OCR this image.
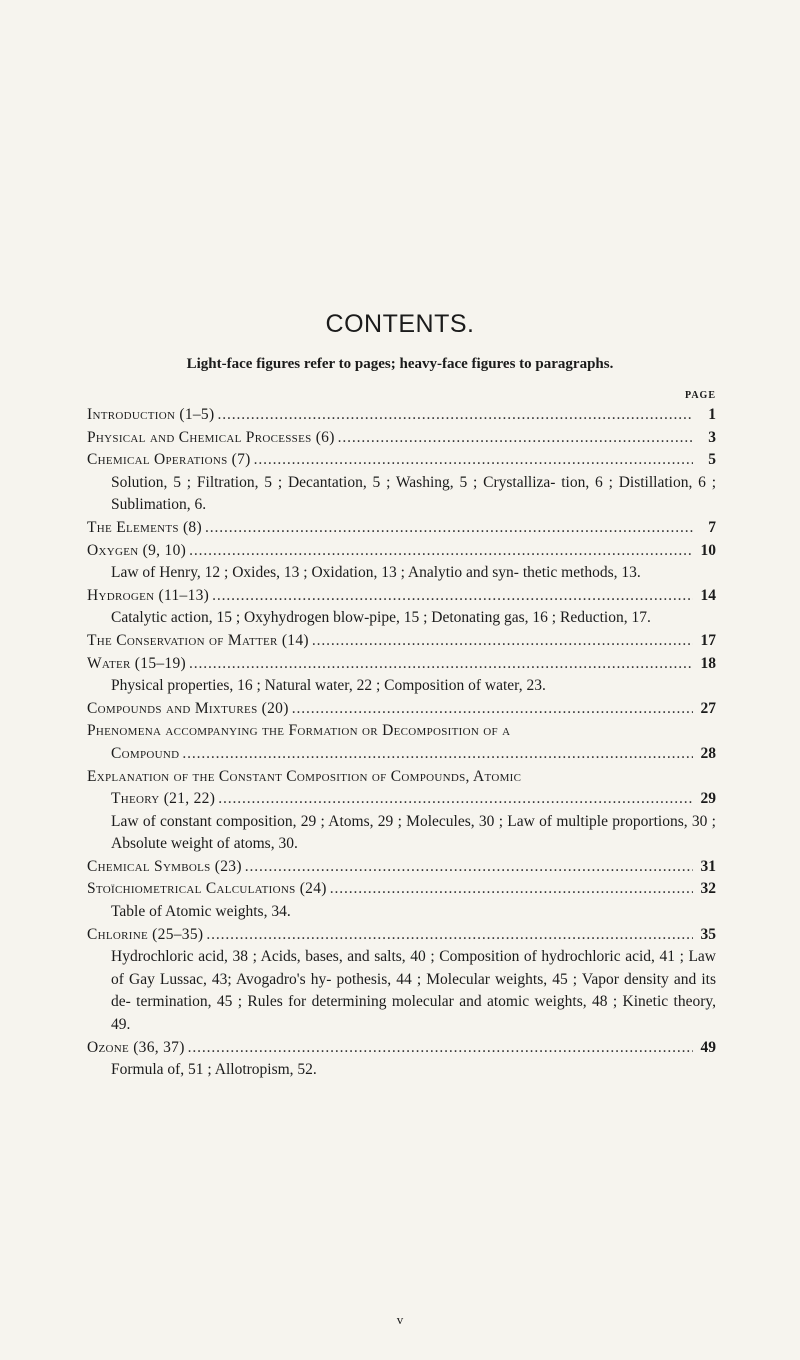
CONTENTS.
Light-face figures refer to pages; heavy-face figures to paragraphs.
PAGE
Introduction (1–5) . . .	1
Physical and Chemical Processes (6) . . .	3
Chemical Operations (7) . . .	5
Solution, 5 ; Filtration, 5 ; Decantation, 5 ; Washing, 5 ; Crystalliza- tion, 6 ; Distillation, 6 ; Sublimation, 6.
The Elements (8) . . .	7
Oxygen (9, 10) . . .	10
Law of Henry, 12 ; Oxides, 13 ; Oxidation, 13 ; Analytio and syn- thetic methods, 13.
Hydrogen (11–13) . . .	14
Catalytic action, 15 ; Oxyhydrogen blow-pipe, 15 ; Detonating gas, 16 ; Reduction, 17.
The Conservation of Matter (14) . . .	17
Water (15–19) . . .	18
Physical properties, 16 ; Natural water, 22 ; Composition of water, 23.
Compounds and Mixtures (20) . . .	27
Phenomena accompanying the Formation or Decomposition of a
Compound . . .	28
Explanation of the Constant Composition of Compounds, Atomic
Theory (21, 22) . . .	29
Law of constant composition, 29 ; Atoms, 29 ; Molecules, 30 ; Law of multiple proportions, 30 ; Absolute weight of atoms, 30.
Chemical Symbols (23) . . .	31
Stoïchiometrical Calculations (24) . . .	32
Table of Atomic weights, 34.
Chlorine (25–35) . . .	35
Hydrochloric acid, 38 ; Acids, bases, and salts, 40 ; Composition of hydrochloric acid, 41 ; Law of Gay Lussac, 43; Avogadro's hy- pothesis, 44 ; Molecular weights, 45 ; Vapor density and its de- termination, 45 ; Rules for determining molecular and atomic weights, 48 ; Kinetic theory, 49.
Ozone (36, 37) . . .	49
Formula of, 51 ; Allotropism, 52.
v
